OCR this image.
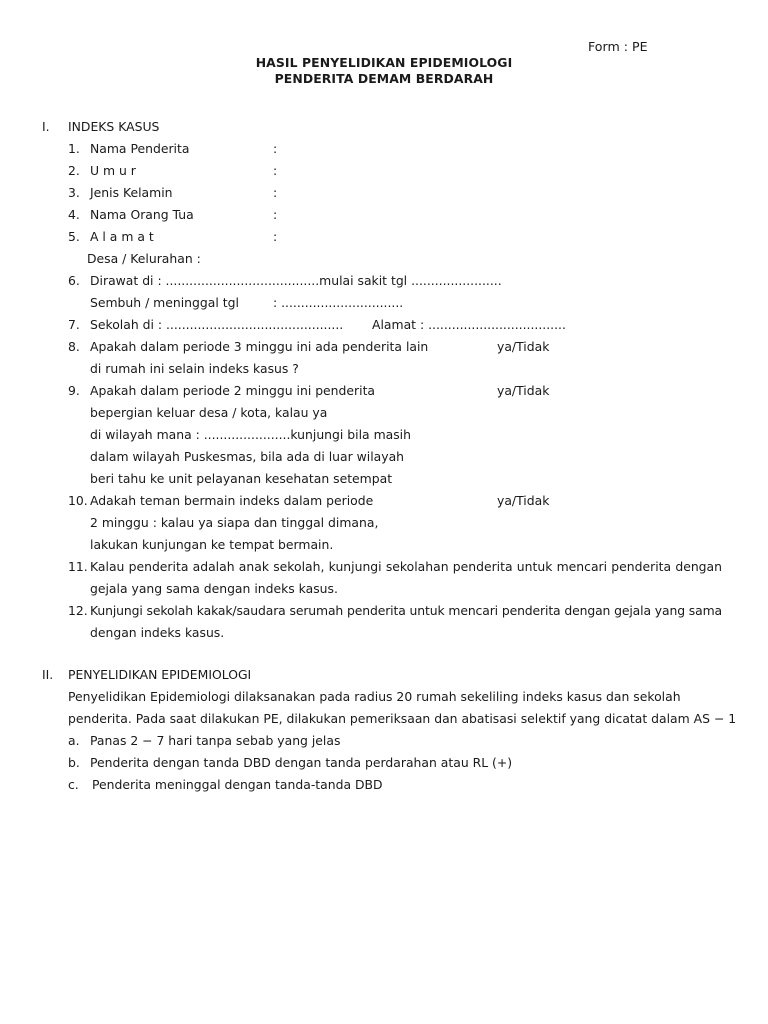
Form : PE
HASIL PENYELIDIKAN EPIDEMIOLOGI
PENDERITA DEMAM BERDARAH
I. INDEKS KASUS
1. Nama Penderita	:
2. U m u r	:
3. Jenis Kelamin	:
4. Nama Orang Tua	:
5. A l a m a t	:
Desa / Kelurahan :
6. Dirawat di : .......................................mulai sakit tgl .......................
Sembuh / meninggal tgl	: ...............................
7. Sekolah di : ............................................. Alamat : ...................................
8. Apakah dalam periode 3 minggu ini ada penderita lain	ya/Tidak
di rumah ini selain indeks kasus ?
9. Apakah dalam periode 2 minggu ini penderita	ya/Tidak
bepergian keluar desa / kota, kalau ya
di wilayah mana : ......................kunjungi bila masih
dalam wilayah Puskesmas, bila ada di luar wilayah
beri tahu ke unit pelayanan kesehatan setempat
10. Adakah teman bermain indeks dalam periode	ya/Tidak
2 minggu : kalau ya siapa dan tinggal dimana,
lakukan kunjungan ke tempat bermain.
11. Kalau penderita adalah anak sekolah, kunjungi sekolahan penderita untuk mencari penderita dengan
gejala yang sama dengan indeks kasus.
12. Kunjungi sekolah kakak/saudara serumah penderita untuk mencari penderita dengan gejala yang sama
dengan indeks kasus.
II. PENYELIDIKAN EPIDEMIOLOGI
Penyelidikan Epidemiologi dilaksanakan pada radius 20 rumah sekeliling indeks kasus dan sekolah
penderita. Pada saat dilakukan PE, dilakukan pemeriksaan dan abatisasi selektif yang dicatat dalam AS − 1
a. Panas 2 − 7 hari tanpa sebab yang jelas
b. Penderita dengan tanda DBD dengan tanda perdarahan atau RL (+)
c. Penderita meninggal dengan tanda-tanda DBD
